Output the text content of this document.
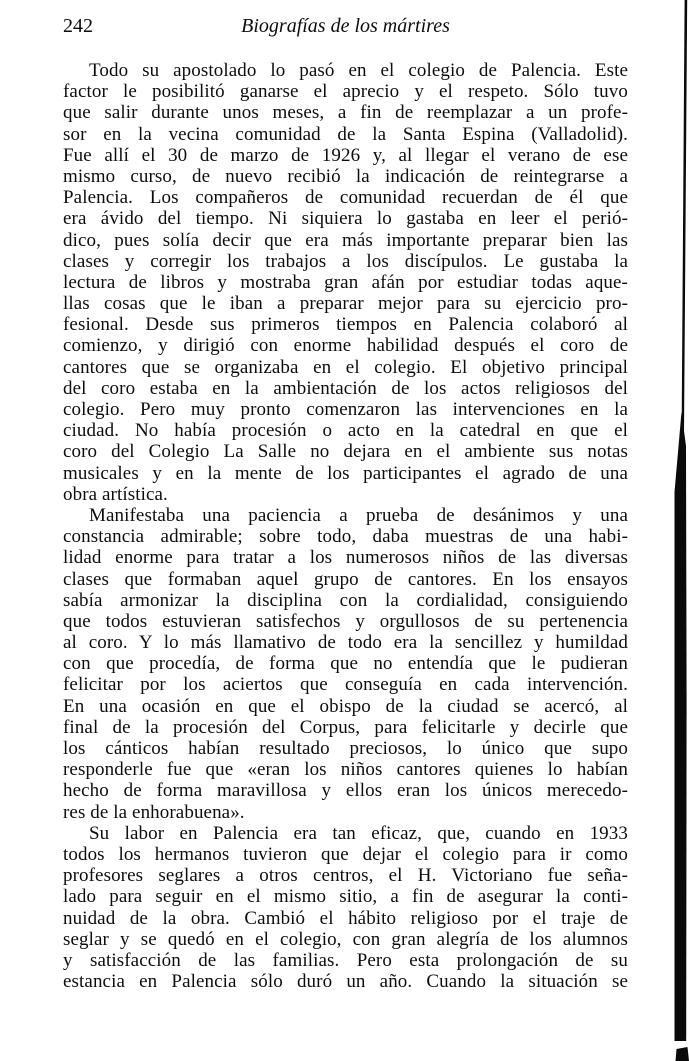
242	Biografías de los mártires
Todo su apostolado lo pasó en el colegio de Palencia. Este
factor le posibilitó ganarse el aprecio y el respeto. Sólo tuvo
que salir durante unos meses, a fin de reemplazar a un profe-
sor en la vecina comunidad de la Santa Espina (Valladolid).
Fue allí el 30 de marzo de 1926 y, al llegar el verano de ese
mismo curso, de nuevo recibió la indicación de reintegrarse a
Palencia. Los compañeros de comunidad recuerdan de él que
era ávido del tiempo. Ni siquiera lo gastaba en leer el perió-
dico, pues solía decir que era más importante preparar bien las
clases y corregir los trabajos a los discípulos. Le gustaba la
lectura de libros y mostraba gran afán por estudiar todas aque-
llas cosas que le iban a preparar mejor para su ejercicio pro-
fesional. Desde sus primeros tiempos en Palencia colaboró al
comienzo, y dirigió con enorme habilidad después el coro de
cantores que se organizaba en el colegio. El objetivo principal
del coro estaba en la ambientación de los actos religiosos del
colegio. Pero muy pronto comenzaron las intervenciones en la
ciudad. No había procesión o acto en la catedral en que el
coro del Colegio La Salle no dejara en el ambiente sus notas
musicales y en la mente de los participantes el agrado de una
obra artística.
Manifestaba una paciencia a prueba de desánimos y una
constancia admirable; sobre todo, daba muestras de una habi-
lidad enorme para tratar a los numerosos niños de las diversas
clases que formaban aquel grupo de cantores. En los ensayos
sabía armonizar la disciplina con la cordialidad, consiguiendo
que todos estuvieran satisfechos y orgullosos de su pertenencia
al coro. Y lo más llamativo de todo era la sencillez y humildad
con que procedía, de forma que no entendía que le pudieran
felicitar por los aciertos que conseguía en cada intervención.
En una ocasión en que el obispo de la ciudad se acercó, al
final de la procesión del Corpus, para felicitarle y decirle que
los cánticos habían resultado preciosos, lo único que supo
responderle fue que «eran los niños cantores quienes lo habían
hecho de forma maravillosa y ellos eran los únicos merecedo-
res de la enhorabuena».
Su labor en Palencia era tan eficaz, que, cuando en 1933
todos los hermanos tuvieron que dejar el colegio para ir como
profesores seglares a otros centros, el H. Victoriano fue seña-
lado para seguir en el mismo sitio, a fin de asegurar la conti-
nuidad de la obra. Cambió el hábito religioso por el traje de
seglar y se quedó en el colegio, con gran alegría de los alumnos
y satisfacción de las familias. Pero esta prolongación de su
estancia en Palencia sólo duró un año. Cuando la situación se
